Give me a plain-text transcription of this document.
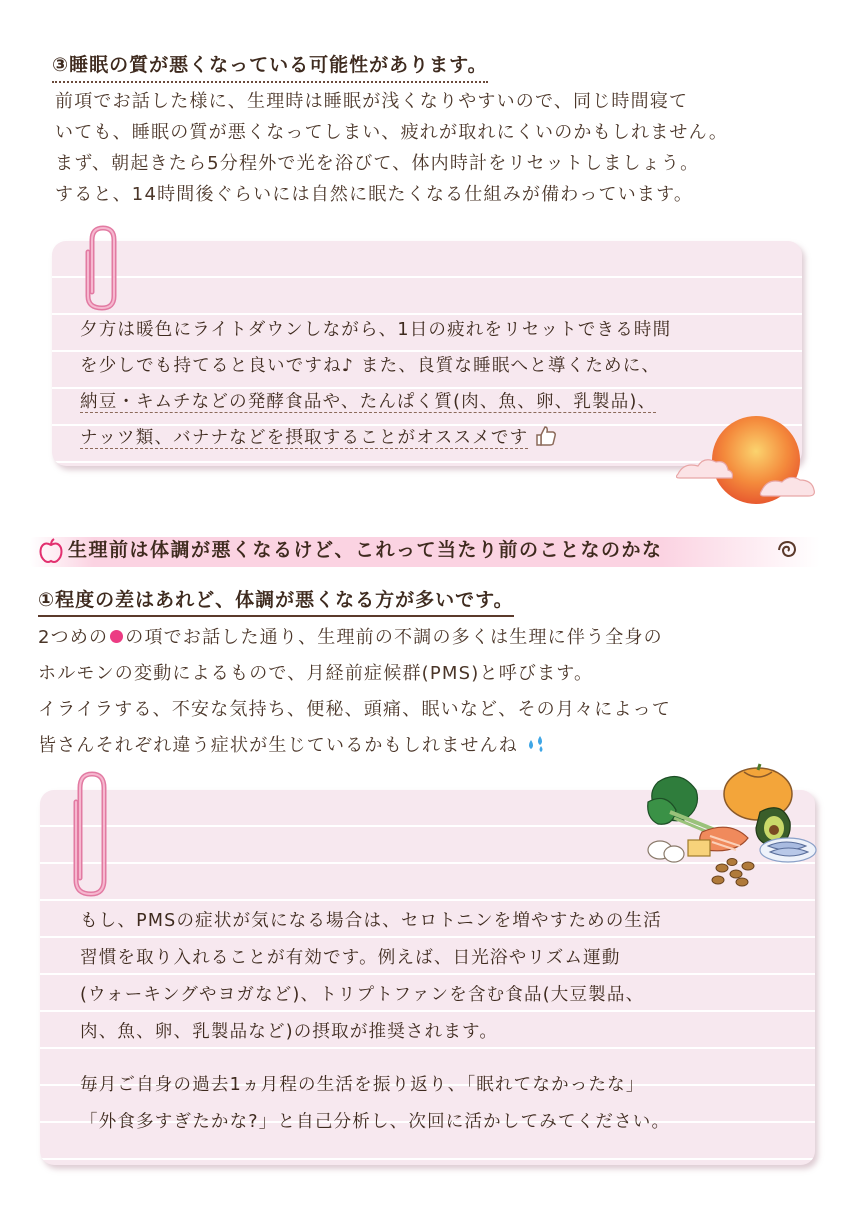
③睡眠の質が悪くなっている可能性があります。
前項でお話した様に、生理時は睡眠が浅くなりやすいので、同じ時間寝て
いても、睡眠の質が悪くなってしまい、疲れが取れにくいのかもしれません。
まず、朝起きたら5分程外で光を浴びて、体内時計をリセットしましょう。
すると、14時間後ぐらいには自然に眠たくなる仕組みが備わっています。
夕方は暖色にライトダウンしながら、1日の疲れをリセットできる時間
を少しでも持てると良いですね♪ また、良質な睡眠へと導くために、
納豆・キムチなどの発酵食品や、たんぱく質(肉、魚、卵、乳製品)、
ナッツ類、バナナなどを摂取することがオススメです
生理前は体調が悪くなるけど、これって当たり前のことなのかな
①程度の差はあれど、体調が悪くなる方が多いです。
2つめの の項でお話した通り、生理前の不調の多くは生理に伴う全身の
ホルモンの変動によるもので、月経前症候群(PMS)と呼びます。
イライラする、不安な気持ち、便秘、頭痛、眠いなど、その月々によって
皆さんそれぞれ違う症状が生じているかもしれませんね
もし、PMSの症状が気になる場合は、セロトニンを増やすための生活
習慣を取り入れることが有効です。例えば、日光浴やリズム運動
(ウォーキングやヨガなど)、トリプトファンを含む食品(大豆製品、
肉、魚、卵、乳製品など)の摂取が推奨されます。
毎月ご自身の過去1ヵ月程の生活を振り返り、「眠れてなかったな」
「外食多すぎたかな?」と自己分析し、次回に活かしてみてください。
